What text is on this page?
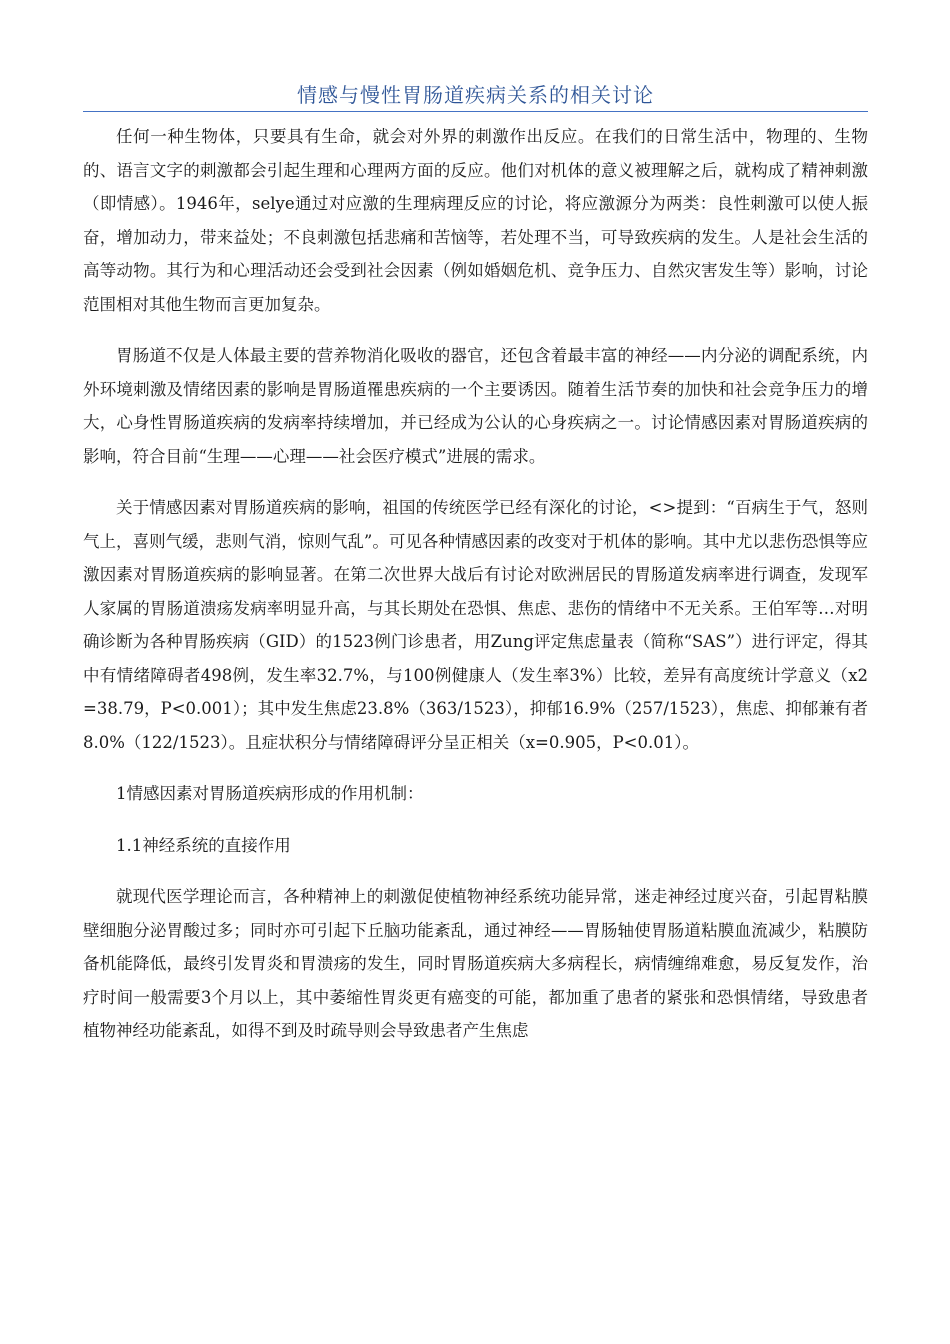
情感与慢性胃肠道疾病关系的相关讨论

任何一种生物体，只要具有生命，就会对外界的刺激作出反应。在我们的日常生活中，物理的、生物的、语言文字的刺激都会引起生理和心理两方面的反应。他们对机体的意义被理解之后，就构成了精神刺激（即情感）。1946年，selye通过对应激的生理病理反应的讨论，将应激源分为两类：良性刺激可以使人振奋，增加动力，带来益处；不良刺激包括悲痛和苦恼等，若处理不当，可导致疾病的发生。人是社会生活的高等动物。其行为和心理活动还会受到社会因素（例如婚姻危机、竞争压力、自然灾害发生等）影响，讨论范围相对其他生物而言更加复杂。

胃肠道不仅是人体最主要的营养物消化吸收的器官，还包含着最丰富的神经——内分泌的调配系统，内外环境刺激及情绪因素的影响是胃肠道罹患疾病的一个主要诱因。随着生活节奏的加快和社会竞争压力的增大，心身性胃肠道疾病的发病率持续增加，并已经成为公认的心身疾病之一。讨论情感因素对胃肠道疾病的影响，符合目前“生理——心理——社会医疗模式”进展的需求。

关于情感因素对胃肠道疾病的影响，祖国的传统医学已经有深化的讨论，<>提到：“百病生于气，怒则气上，喜则气缓，悲则气消，惊则气乱”。可见各种情感因素的改变对于机体的影响。其中尤以悲伤恐惧等应激因素对胃肠道疾病的影响显著。在第二次世界大战后有讨论对欧洲居民的胃肠道发病率进行调查，发现军人家属的胃肠道溃疡发病率明显升高，与其长期处在恐惧、焦虑、悲伤的情绪中不无关系。王伯军等…对明确诊断为各种胃肠疾病（GID）的1523例门诊患者，用Zung评定焦虑量表（简称“SAS”）进行评定，得其中有情绪障碍者498例，发生率32.7%，与100例健康人（发生率3%）比较，差异有高度统计学意义（x2=38.79，P<0.001）；其中发生焦虑23.8%（363/1523），抑郁16.9%（257/1523），焦虑、抑郁兼有者8.0%（122/1523）。且症状积分与情绪障碍评分呈正相关（x=0.905，P<0.01）。

1情感因素对胃肠道疾病形成的作用机制：

1.1神经系统的直接作用

就现代医学理论而言，各种精神上的刺激促使植物神经系统功能异常，迷走神经过度兴奋，引起胃粘膜壁细胞分泌胃酸过多；同时亦可引起下丘脑功能紊乱，通过神经——胃肠轴使胃肠道粘膜血流减少，粘膜防备机能降低，最终引发胃炎和胃溃疡的发生，同时胃肠道疾病大多病程长，病情缠绵难愈，易反复发作，治疗时间一般需要3个月以上，其中萎缩性胃炎更有癌变的可能，都加重了患者的紧张和恐惧情绪，导致患者植物神经功能紊乱，如得不到及时疏导则会导致患者产生焦虑
